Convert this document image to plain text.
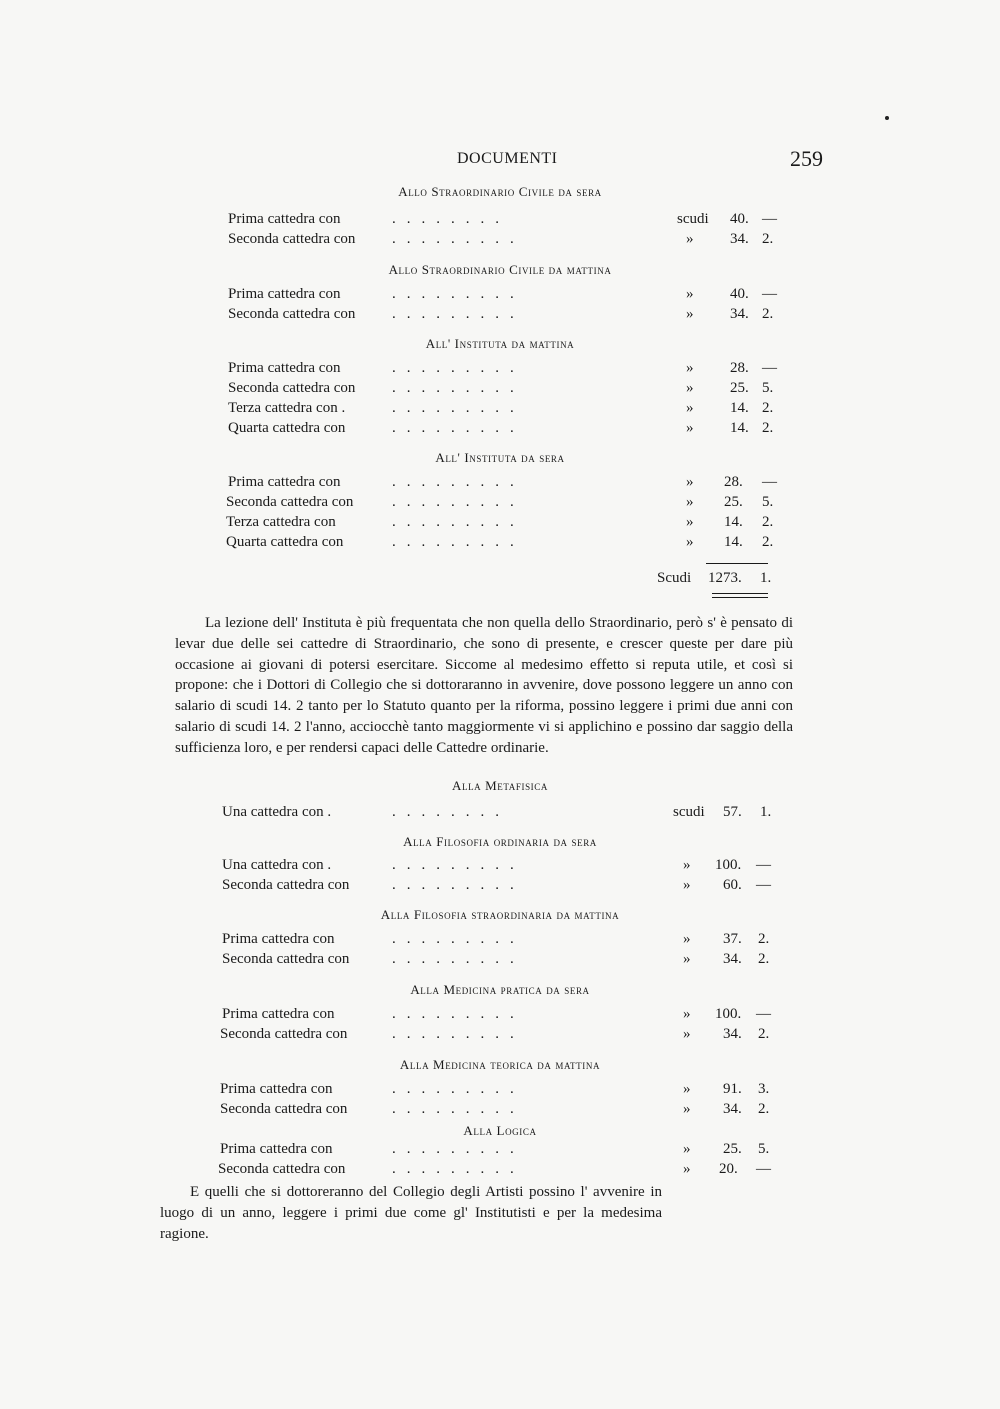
DOCUMENTI	259
Allo Straordinario Civile da sera
Prima cattedra con	........	scudi 40. —
Seconda cattedra con .........	» 34. 2.
Allo Straordinario Civile da mattina
Prima cattedra con	.........	» 40. —
Seconda cattedra con .........	» 34. 2.
All' Instituta da mattina
Prima cattedra con	.........	» 28. —
Seconda cattedra con .........	» 25. 5.
Terza cattedra con .	.........	» 14. 2.
Quarta cattedra con	.........	» 14. 2.
All' Instituta da sera
Prima cattedra con	.........	» 28. —
Seconda cattedra con	.........	» 25. 5.
Terza cattedra con	.........	» 14. 2.
Quarta cattedra con	.........	» 14. 2.
Scudi 1273. 1.

La lezione dell' Instituta è più frequentata che non quella dello Straordinario, però s' è pensato di levar due delle sei cattedre di Straordinario, che sono di presente, e crescer queste per dare più occasione ai giovani di potersi esercitare. Siccome al medesimo effetto si reputa utile, et così si propone: che i Dottori di Collegio che si dottoraranno in avvenire, dove possono leggere un anno con salario di scudi 14. 2 tanto per lo Statuto quanto per la riforma, possino leggere i primi due anni con salario di scudi 14. 2 l'anno, acciocchè tanto maggiormente vi si applichino e possino dar saggio della sufficienza loro, e per rendersi capaci delle Cattedre ordinarie.

Alla Metafisica
Una cattedra con .	........	scudi 57. 1.
Alla Filosofia ordinaria da sera
Una cattedra con .	.........	» 100. —
Seconda cattedra con	.........	» 60. —
Alla Filosofia straordinaria da mattina
Prima cattedra con	.........	» 37. 2.
Seconda cattedra con	.........	» 34. 2.
Alla Medicina pratica da sera
Prima cattedra con	.........	» 100. —
Seconda cattedra con	.........	» 34. 2.
Alla Medicina teorica da mattina
Prima cattedra con	.........	» 91. 3.
Seconda cattedra con	.........	» 34. 2.
Alla Logica
Prima cattedra con	.........	» 25. 5.
Seconda cattedra con	.........	» 20. —

E quelli che si dottoreranno del Collegio degli Artisti possino l' avvenire in luogo di un anno, leggere i primi due come gl' Institutisti e per la medesima ragione.
